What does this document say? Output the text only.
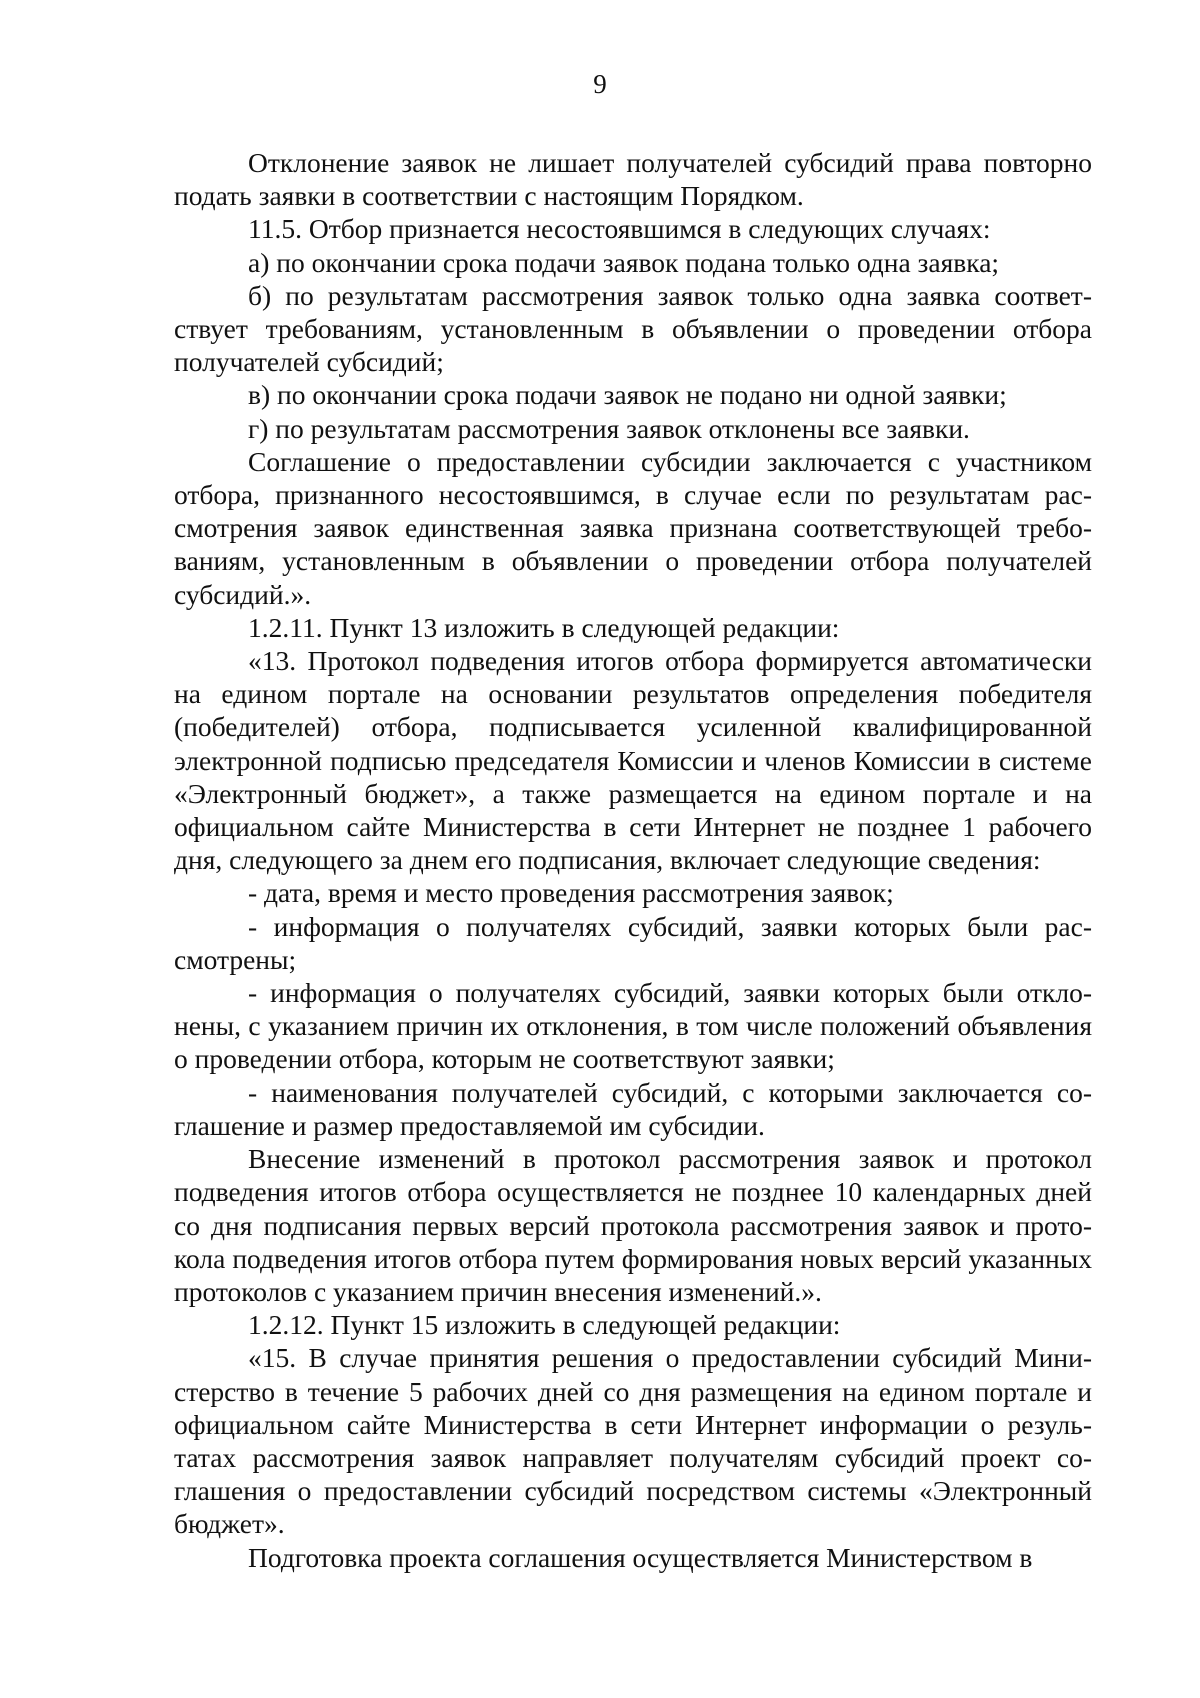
9

Отклонение заявок не лишает получателей субсидий права повторно подать заявки в соответствии с настоящим Порядком.

11.5. Отбор признается несостоявшимся в следующих случаях:

а) по окончании срока подачи заявок подана только одна заявка;

б) по результатам рассмотрения заявок только одна заявка соответствует требованиям, установленным в объявлении о проведении отбора получателей субсидий;

в) по окончании срока подачи заявок не подано ни одной заявки;

г) по результатам рассмотрения заявок отклонены все заявки.

Соглашение о предоставлении субсидии заключается с участником отбора, признанного несостоявшимся, в случае если по результатам рассмотрения заявок единственная заявка признана соответствующей требованиям, установленным в объявлении о проведении отбора получателей субсидий.».

1.2.11. Пункт 13 изложить в следующей редакции:

«13. Протокол подведения итогов отбора формируется автоматически на едином портале на основании результатов определения победителя (победителей) отбора, подписывается усиленной квалифицированной электронной подписью председателя Комиссии и членов Комиссии в системе «Электронный бюджет», а также размещается на едином портале и на официальном сайте Министерства в сети Интернет не позднее 1 рабочего дня, следующего за днем его подписания, включает следующие сведения:

- дата, время и место проведения рассмотрения заявок;

- информация о получателях субсидий, заявки которых были рассмотрены;

- информация о получателях субсидий, заявки которых были отклонены, с указанием причин их отклонения, в том числе положений объявления о проведении отбора, которым не соответствуют заявки;

- наименования получателей субсидий, с которыми заключается соглашение и размер предоставляемой им субсидии.

Внесение изменений в протокол рассмотрения заявок и протокол подведения итогов отбора осуществляется не позднее 10 календарных дней со дня подписания первых версий протокола рассмотрения заявок и протокола подведения итогов отбора путем формирования новых версий указанных протоколов с указанием причин внесения изменений.».

1.2.12. Пункт 15 изложить в следующей редакции:

«15. В случае принятия решения о предоставлении субсидий Министерство в течение 5 рабочих дней со дня размещения на едином портале и официальном сайте Министерства в сети Интернет информации о результатах рассмотрения заявок направляет получателям субсидий проект соглашения о предоставлении субсидий посредством системы «Электронный бюджет».

Подготовка проекта соглашения осуществляется Министерством в
